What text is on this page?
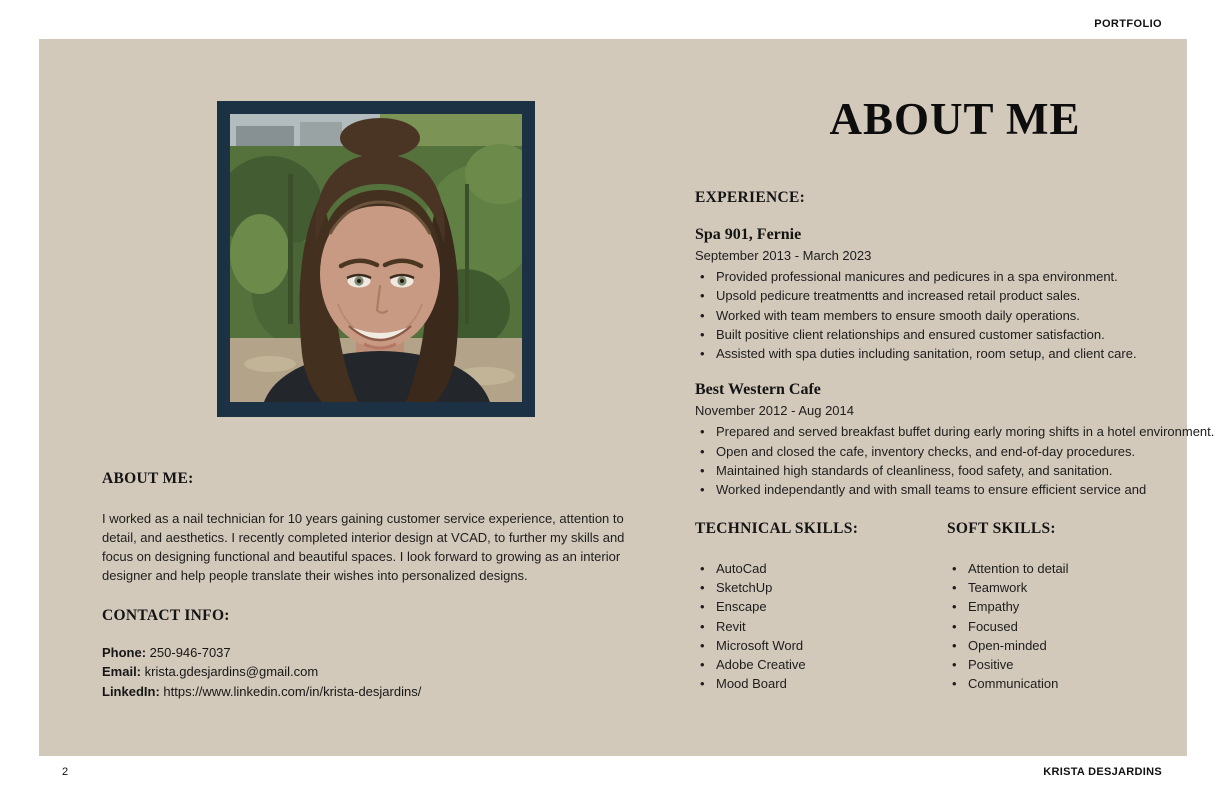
PORTFOLIO
ABOUT ME:
I worked as a nail technician for 10 years gaining customer service experience, attention to detail, and aesthetics. I recently completed interior design at VCAD, to further my skills and focus on designing functional and beautiful spaces. I look forward to growing as an interior designer and help people translate their wishes into personalized designs.
CONTACT INFO:
Phone: 250-946-7037
Email: krista.gdesjardins@gmail.com
LinkedIn: https://www.linkedin.com/in/krista-desjardins/
ABOUT ME
EXPERIENCE:
Spa 901, Fernie
September 2013 - March 2023
• Provided professional manicures and pedicures in a spa environment.
• Upsold pedicure treatmentts and increased retail product sales.
• Worked with team members to ensure smooth daily operations.
• Built positive client relationships and ensured customer satisfaction.
• Assisted with spa duties including sanitation, room setup, and client care.
Best Western Cafe
November 2012 - Aug 2014
• Prepared and served breakfast buffet during early moring shifts in a hotel environment.
• Open and closed the cafe, inventory checks, and end-of-day procedures.
• Maintained high standards of cleanliness, food safety, and sanitation.
• Worked independantly and with small teams to ensure efficient service and
TECHNICAL SKILLS:
• AutoCad
• SketchUp
• Enscape
• Revit
• Microsoft Word
• Adobe Creative
• Mood Board
SOFT SKILLS:
• Attention to detail
• Teamwork
• Empathy
• Focused
• Open-minded
• Positive
• Communication
2	KRISTA DESJARDINS
